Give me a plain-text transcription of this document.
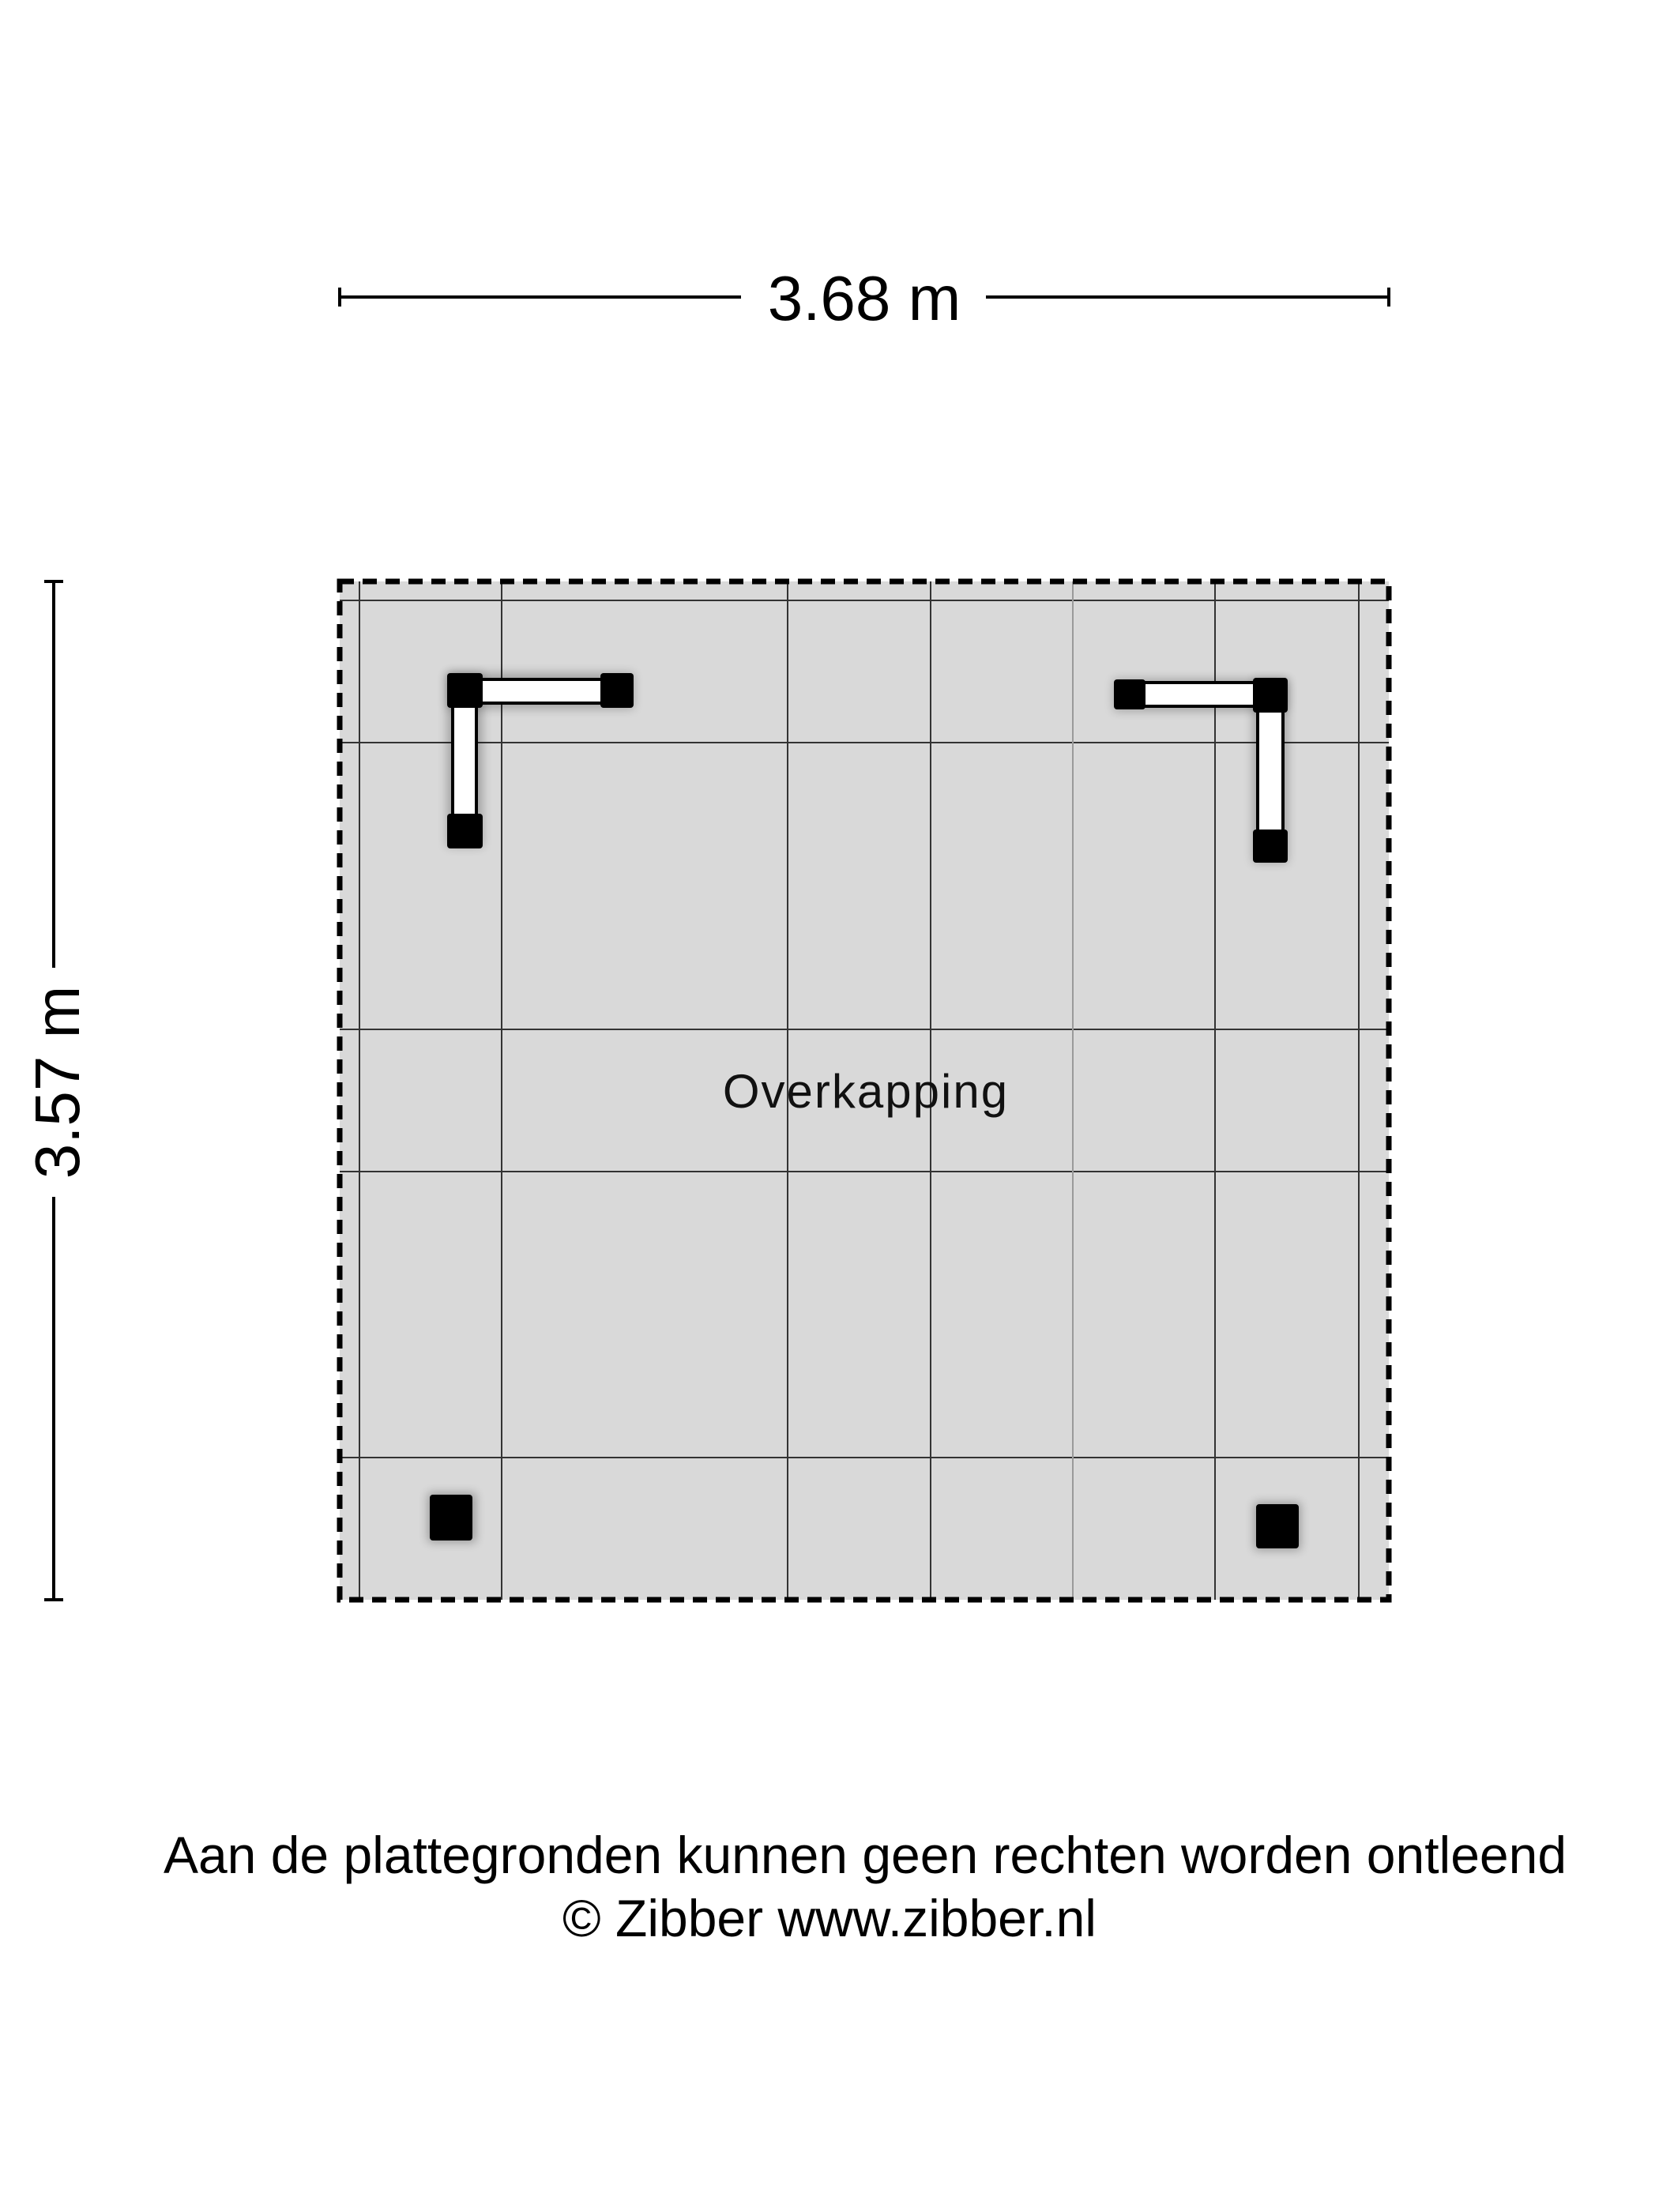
3.68 m
3.57 m	Overkapping
Aan de plattegronden kunnen geen rechten worden ontleend
© Zibber www.zibber.nl
